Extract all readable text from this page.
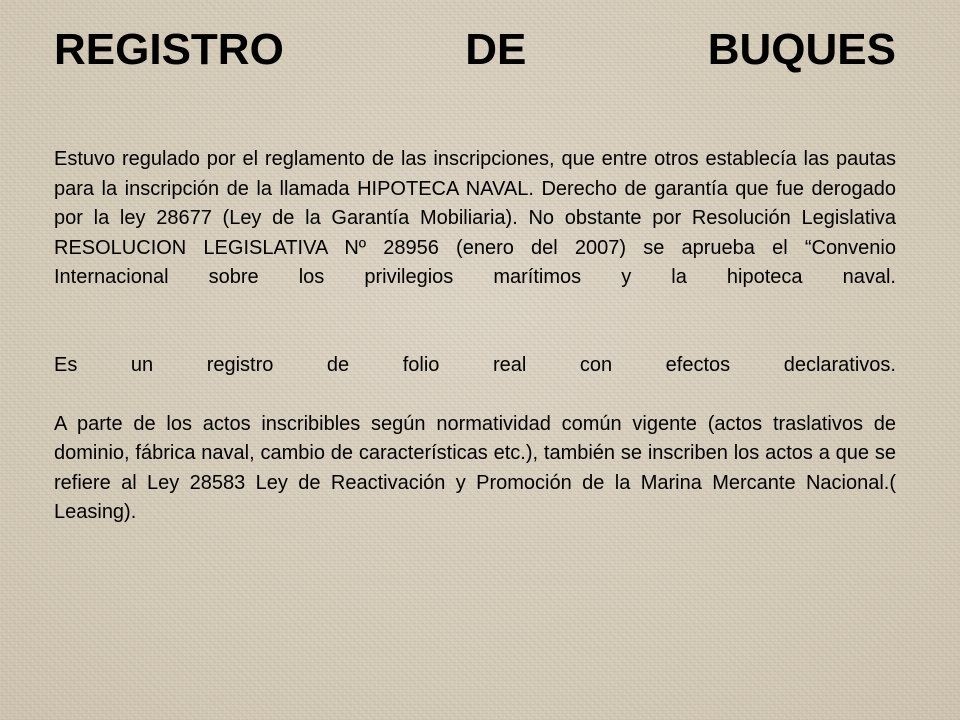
REGISTRO	DE	BUQUES

Estuvo regulado por el reglamento de las inscripciones, que entre otros establecía las pautas para la inscripción de la llamada HIPOTECA NAVAL. Derecho de garantía que fue derogado por la ley 28677 (Ley de la Garantía Mobiliaria). No obstante por Resolución Legislativa RESOLUCION LEGISLATIVA Nº 28956 (enero del 2007) se aprueba el “Convenio Internacional sobre los privilegios marítimos y la hipoteca naval.

Es un registro de folio real con efectos declarativos.

A parte de los actos inscribibles según normatividad común vigente (actos traslativos de dominio, fábrica naval, cambio de características etc.), también se inscriben los actos a que se refiere al Ley 28583 Ley de Reactivación y Promoción de la Marina Mercante Nacional.( Leasing).
